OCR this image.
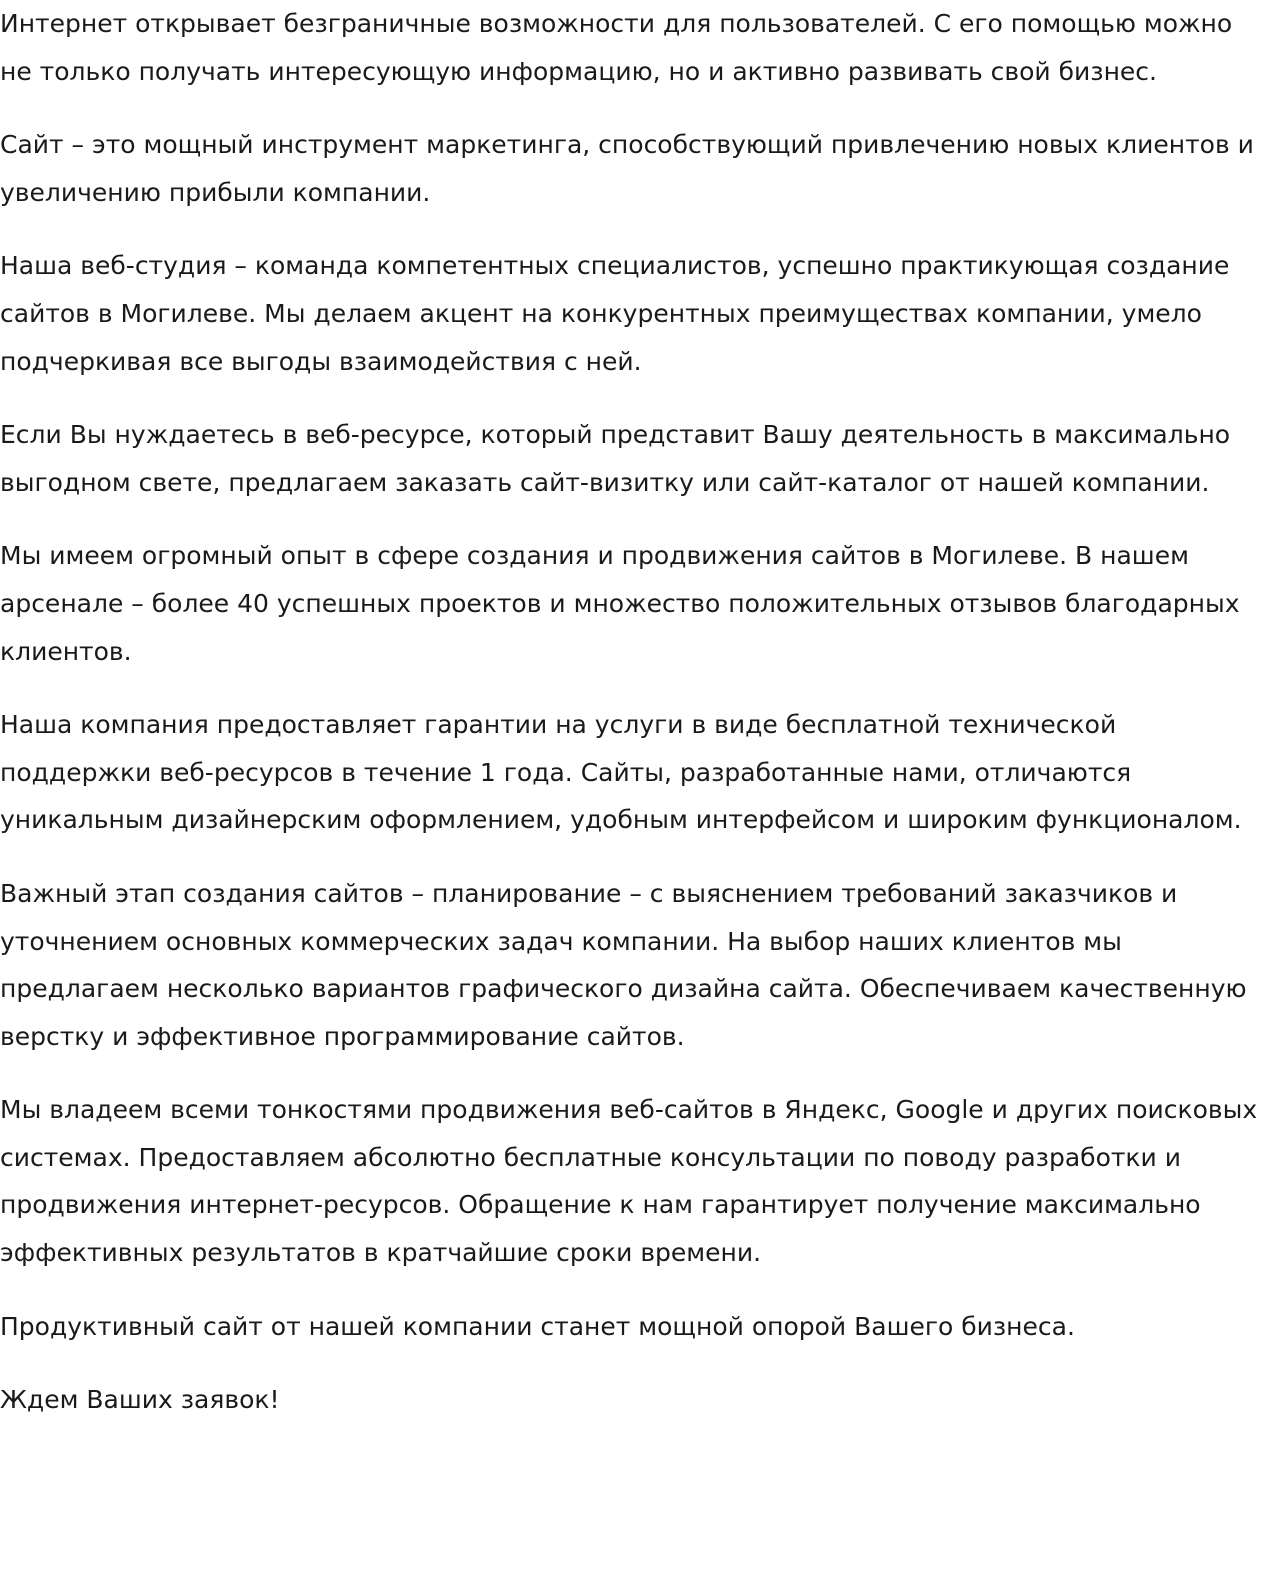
Интернет открывает безграничные возможности для пользователей. С его помощью можно не только получать интересующую информацию, но и активно развивать свой бизнес.

Сайт – это мощный инструмент маркетинга, способствующий привлечению новых клиентов и увеличению прибыли компании.

Наша веб-студия – команда компетентных специалистов, успешно практикующая создание сайтов в Могилеве. Мы делаем акцент на конкурентных преимуществах компании, умело подчеркивая все выгоды взаимодействия с ней.

Если Вы нуждаетесь в веб-ресурсе, который представит Вашу деятельность в максимально выгодном свете, предлагаем заказать сайт-визитку или сайт-каталог от нашей компании.

Мы имеем огромный опыт в сфере создания и продвижения сайтов в Могилеве. В нашем арсенале – более 40 успешных проектов и множество положительных отзывов благодарных клиентов.

Наша компания предоставляет гарантии на услуги в виде бесплатной технической поддержки веб-ресурсов в течение 1 года. Сайты, разработанные нами, отличаются уникальным дизайнерским оформлением, удобным интерфейсом и широким функционалом.

Важный этап создания сайтов – планирование – с выяснением требований заказчиков и уточнением основных коммерческих задач компании. На выбор наших клиентов мы предлагаем несколько вариантов графического дизайна сайта. Обеспечиваем качественную верстку и эффективное программирование сайтов.

Мы владеем всеми тонкостями продвижения веб-сайтов в Яндекс, Google и других поисковых системах. Предоставляем абсолютно бесплатные консультации по поводу разработки и продвижения интернет-ресурсов. Обращение к нам гарантирует получение максимально эффективных результатов в кратчайшие сроки времени.

Продуктивный сайт от нашей компании станет мощной опорой Вашего бизнеса.

Ждем Ваших заявок!
